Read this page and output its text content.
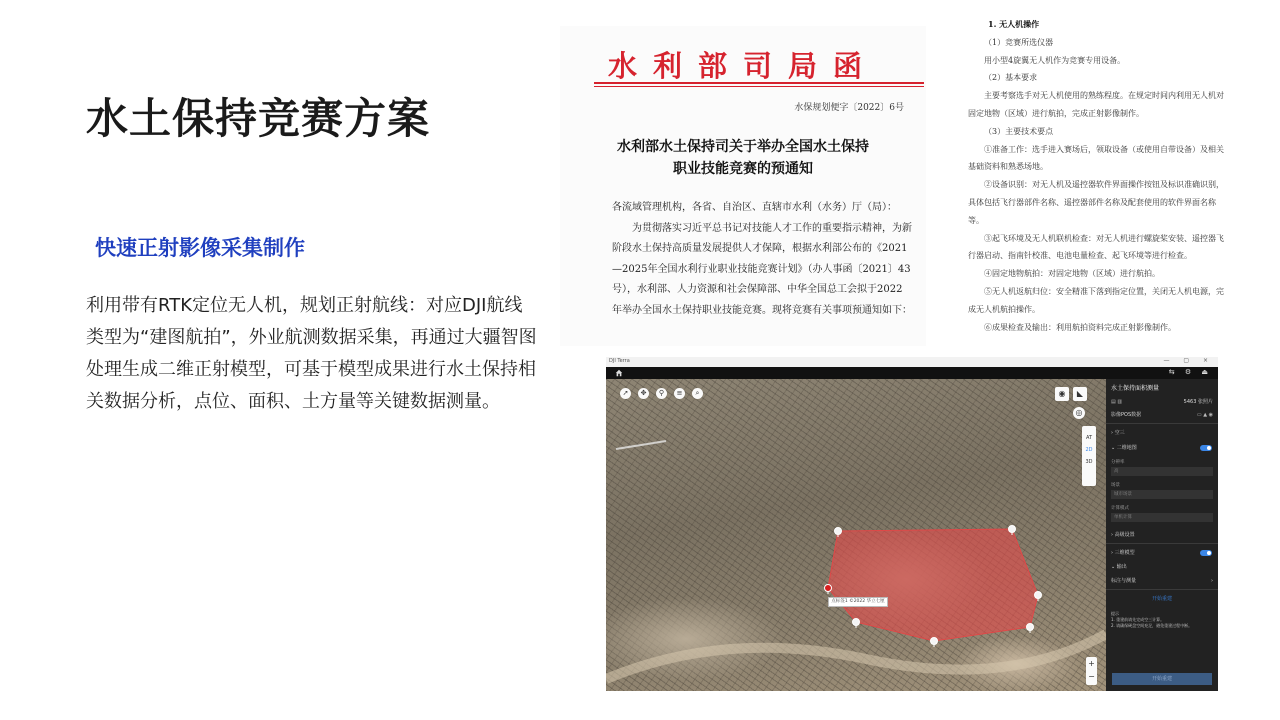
水土保持竞赛方案
快速正射影像采集制作
利用带有RTK定位无人机，规划正射航线：对应DJI航线类型为“建图航拍”，外业航测数据采集，再通过大疆智图处理生成二维正射模型，可基于模型成果进行水土保持相关数据分析，点位、面积、土方量等关键数据测量。
水利部司局函
水保规划便字〔2022〕6号
水利部水土保持司关于举办全国水土保持
职业技能竞赛的预通知

各流域管理机构，各省、自治区、直辖市水利（水务）厅（局）：

为贯彻落实习近平总书记对技能人才工作的重要指示精神，为新阶段水土保持高质量发展提供人才保障，根据水利部公布的《2021—2025年全国水利行业职业技能竞赛计划》（办人事函〔2021〕43号），水利部、人力资源和社会保障部、中华全国总工会拟于2022年举办全国水土保持职业技能竞赛。现将竞赛有关事项预通知如下：

1. 无人机操作
（1）竞赛所选仪器
用小型4旋翼无人机作为竞赛专用设备。
（2）基本要求
主要考察选手对无人机使用的熟练程度。在规定时间内利用无人机对固定地物（区域）进行航拍，完成正射影像制作。
（3）主要技术要点
①准备工作：选手进入赛场后，领取设备（或使用自带设备）及相关基础资料和熟悉场地。
②设备识别：对无人机及遥控器软件界面操作按钮及标识准确识别，具体包括飞行器部件名称、遥控器部件名称及配套使用的软件界面名称等。
③起飞环境及无人机联机检查：对无人机进行螺旋桨安装、遥控器飞行器启动、指南针校准、电池电量检查、起飞环境等进行检查。
④固定地物航拍：对固定地物（区域）进行航拍。
⑤无人机返航归位：安全精准下落到指定位置，关闭无人机电源，完成无人机航拍操作。
⑥成果检查及输出：利用航拍资料完成正射影像制作。
DJI Terra	— ▢ ×
⇆ ⚙ ⏏
➚	✥	⚲	≡	⌕	◉	◣
◎
AT
2D
3D
点标签1 ©2022 华立七厘
+
−
水土保持面积测量
▤ ▥	5463 张照片
影像POS数据	▭ ▲ ◉
› 空三
⌄ 二维地图
分辨率
高
场景
城市场景
计算模式
单机计算
› 高级设置
› 三维模型
⌄ 输出
标注与测量	›
开始重建
提示
1. 重建前请先完成空三计算。
2. 请确保硬盘空间充足，避免重建过程中断。
开始重建
